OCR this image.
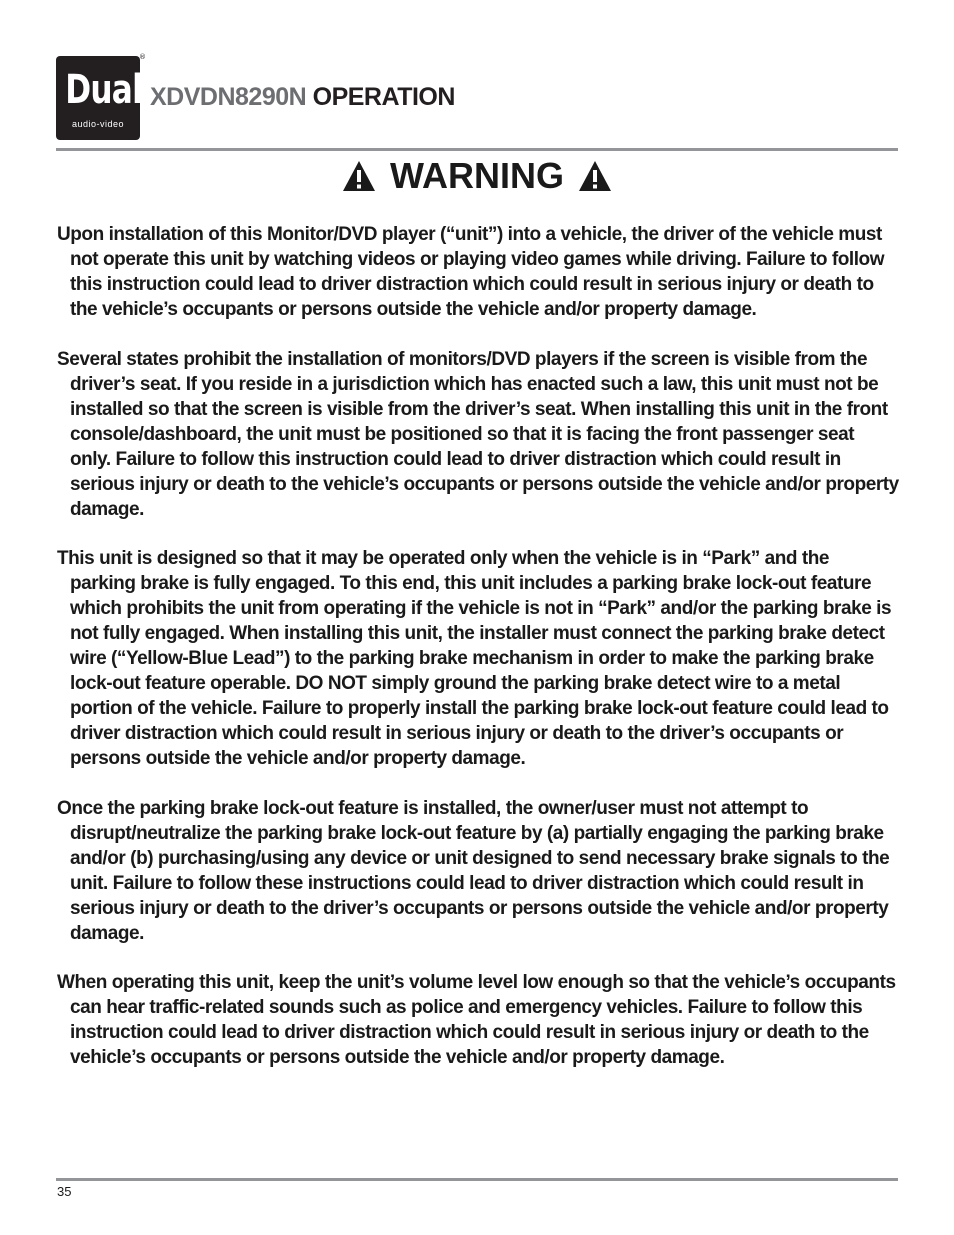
Dual
audio-video
®
XDVDN8290N OPERATION
WARNING

Upon installation of this Monitor/DVD player (“unit”) into a vehicle, the driver of the vehicle must not operate this unit by watching videos or playing video games while driving. Failure to follow this instruction could lead to driver distraction which could result in serious injury or death to the vehicle’s occupants or persons outside the vehicle and/or property damage.

Several states prohibit the installation of monitors/DVD players if the screen is visible from the driver’s seat. If you reside in a jurisdiction which has enacted such a law, this unit must not be installed so that the screen is visible from the driver’s seat. When installing this unit in the front console/dashboard, the unit must be positioned so that it is facing the front passenger seat only. Failure to follow this instruction could lead to driver distraction which could result in serious injury or death to the vehicle’s occupants or persons outside the vehicle and/or property damage.

This unit is designed so that it may be operated only when the vehicle is in “Park” and the parking brake is fully engaged. To this end, this unit includes a parking brake lock-out feature which prohibits the unit from operating if the vehicle is not in “Park” and/or the parking brake is not fully engaged. When installing this unit, the installer must connect the parking brake detect wire (“Yellow-Blue Lead”) to the parking brake mechanism in order to make the parking brake lock-out feature operable. DO NOT simply ground the parking brake detect wire to a metal portion of the vehicle. Failure to properly install the parking brake lock-out feature could lead to driver distraction which could result in serious injury or death to the driver’s occupants or persons outside the vehicle and/or property damage.

Once the parking brake lock-out feature is installed, the owner/user must not attempt to disrupt/neutralize the parking brake lock-out feature by (a) partially engaging the parking brake and/or (b) purchasing/using any device or unit designed to send necessary brake signals to the unit. Failure to follow these instructions could lead to driver distraction which could result in serious injury or death to the driver’s occupants or persons outside the vehicle and/or property damage.

When operating this unit, keep the unit’s volume level low enough so that the vehicle’s occupants can hear traffic-related sounds such as police and emergency vehicles. Failure to follow this instruction could lead to driver distraction which could result in serious injury or death to the vehicle’s occupants or persons outside the vehicle and/or property damage.

35
